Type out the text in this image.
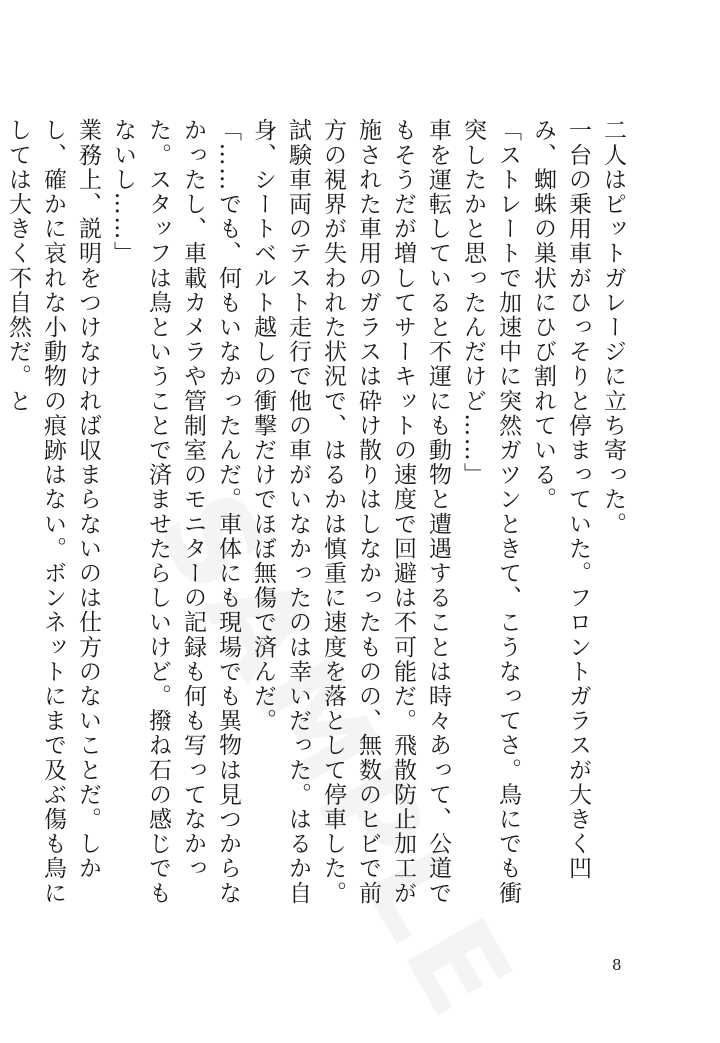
二人はピットガレージに立ち寄った。

一台の乗用車がひっそりと停まっていた。フロントガラスが大きく凹み、蜘蛛の巣状にひび割れている。

「ストレートで加速中に突然ガツンときて、こうなってさ。鳥にでも衝突したかと思ったんだけど……」

車を運転していると不運にも動物と遭遇することは時々あって、公道でもそうだが増してサーキットの速度で回避は不可能だ。飛散防止加工が施された車用のガラスは砕け散りはしなかったものの、無数のヒビで前方の視界が失われた状況で、はるかは慎重に速度を落として停車した。試験車両のテスト走行で他の車がいなかったのは幸いだった。はるか自身、シートベルト越しの衝撃だけでほぼ無傷で済んだ。

「……でも、何もいなかったんだ。車体にも現場でも異物は見つからなかったし、車載カメラや管制室のモニターの記録も何も写ってなかった。スタッフは鳥ということで済ませたらしいけど。撥ね石の感じでもないし……」

業務上、説明をつけなければ収まらないのは仕方のないことだ。しかし、確かに哀れな小動物の痕跡はない。ボンネットにまで及ぶ傷も鳥にしては大きく不自然だ。と

8
